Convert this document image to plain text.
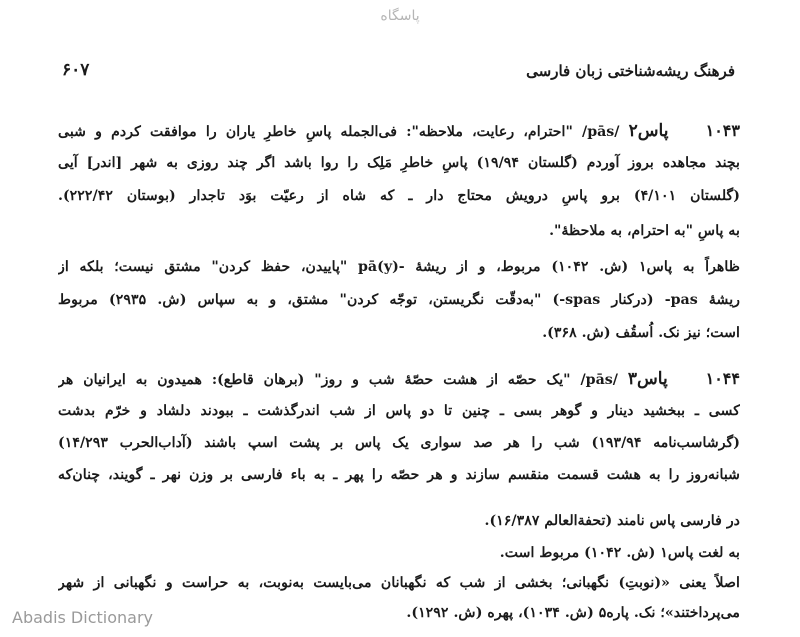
پاسگاه
۶۰۷	فرهنگ ریشه‌شناختی زبان فارسی
۱۰۴۳ پاس۲ /pās/ "احترام، رعایت، ملاحظه": فی‌الجمله پاسِ خاطرِ یاران را موافقت کردم و شبی
بچند مجاهده بروز آوردم (گلستان ۱۹/۹۴) پاسِ خاطرِ مَلِک را روا باشد اگر چند روزی به شهر [اندر] آیی
(گلستان ۴/۱۰۱) برو پاسِ درویش محتاج دار ـ که شاه از رعیّت بوَد تاجدار (بوستان ۲۲۲/۴۲).
به پاسِ "به احترام، به ملاحظهٔ".
ظاهراً به پاس۱ (ش. ۱۰۴۲) مربوط، و از ریشهٔ -pā(y) "پاییدن، حفظ کردن" مشتق نیست؛ بلکه از
ریشهٔ pas- (درکنار spas-) "به‌دقّت نگریستن، توجّه کردن" مشتق، و به سپاس (ش. ۲۹۳۵) مربوط
است؛ نیز نک. اُسقُف (ش. ۳۶۸).
۱۰۴۴ پاس۳ /pās/ "یک حصّه از هشت حصّهٔ شب و روز" (برهان قاطع): همیدون به ایرانیان هر
کسی ـ ببخشید دینار و گوهر بسی ـ چنین تا دو پاس از شب اندرگذشت ـ ببودند دلشاد و خرّم بدشت
(گرشاسب‌نامه ۱۹۳/۹۴) شب را هر صد سواری یک پاس بر پشت اسپ باشند (آداب‌الحرب ۱۴/۲۹۳)
شبانه‌روز را به هشت قسمت منقسم سازند و هر حصّه را پهر ـ به باء فارسی بر وزن نهر ـ گویند، چنان‌که
در فارسی پاس نامند (تحفة‌العالم ۱۶/۳۸۷).
به لغت پاس۱ (ش. ۱۰۴۲) مربوط است.
اصلاً یعنی «(نوبتِ) نگهبانی؛ بخشی از شب که نگهبانان می‌بایست به‌نوبت، به حراست و نگهبانی از شهر
می‌پرداختند»؛ نک. پاره۵ (ش. ۱۰۳۴)، پهره (ش. ۱۲۹۲).
Abadis Dictionary
